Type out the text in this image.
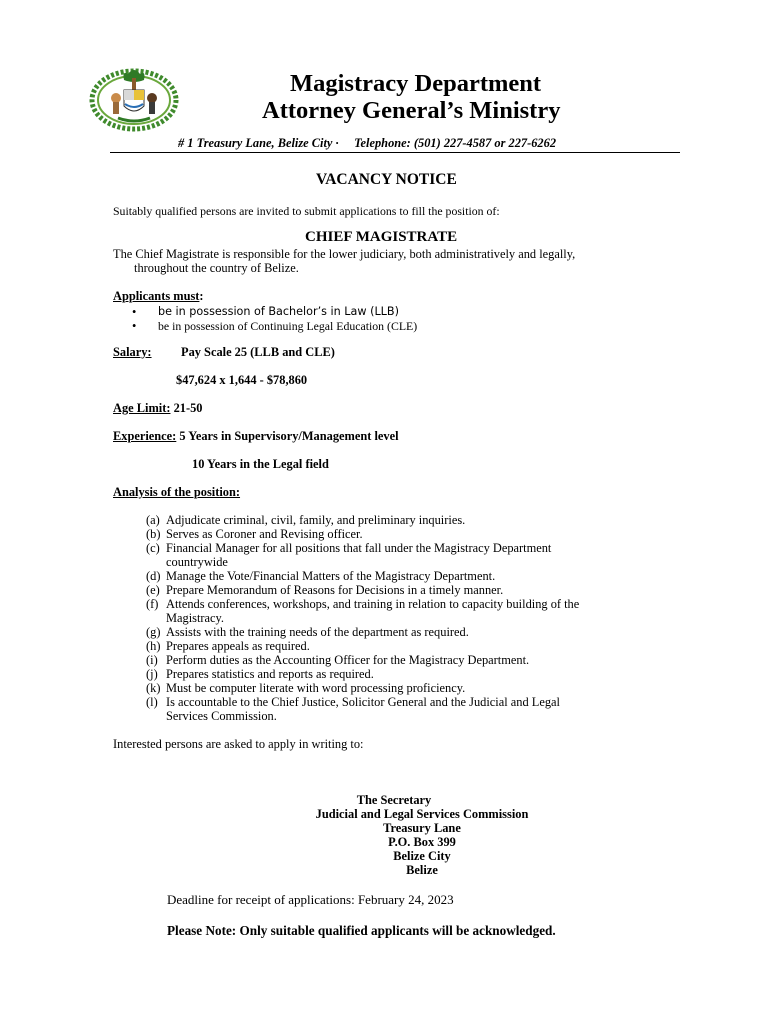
Magistracy Department
Attorney General’s Ministry
# 1 Treasury Lane, Belize City · Telephone: (501) 227-4587 or 227-6262
VACANCY NOTICE
Suitably qualified persons are invited to submit applications to fill the position of:
CHIEF MAGISTRATE
The Chief Magistrate is responsible for the lower judiciary, both administratively and legally,
throughout the country of Belize.
Applicants must:
• be in possession of Bachelor’s in Law (LLB)
• be in possession of Continuing Legal Education (CLE)
Salary: Pay Scale 25 (LLB and CLE)
$47,624 x 1,644 - $78,860
Age Limit: 21-50
Experience: 5 Years in Supervisory/Management level
10 Years in the Legal field
Analysis of the position:
(a) Adjudicate criminal, civil, family, and preliminary inquiries.
(b) Serves as Coroner and Revising officer.
(c) Financial Manager for all positions that fall under the Magistracy Department
countrywide
(d) Manage the Vote/Financial Matters of the Magistracy Department.
(e) Prepare Memorandum of Reasons for Decisions in a timely manner.
(f) Attends conferences, workshops, and training in relation to capacity building of the
Magistracy.
(g) Assists with the training needs of the department as required.
(h) Prepares appeals as required.
(i) Perform duties as the Accounting Officer for the Magistracy Department.
(j) Prepares statistics and reports as required.
(k) Must be computer literate with word processing proficiency.
(l) Is accountable to the Chief Justice, Solicitor General and the Judicial and Legal
Services Commission.
Interested persons are asked to apply in writing to:
The Secretary
Judicial and Legal Services Commission
Treasury Lane
P.O. Box 399
Belize City
Belize
Deadline for receipt of applications: February 24, 2023
Please Note: Only suitable qualified applicants will be acknowledged.
